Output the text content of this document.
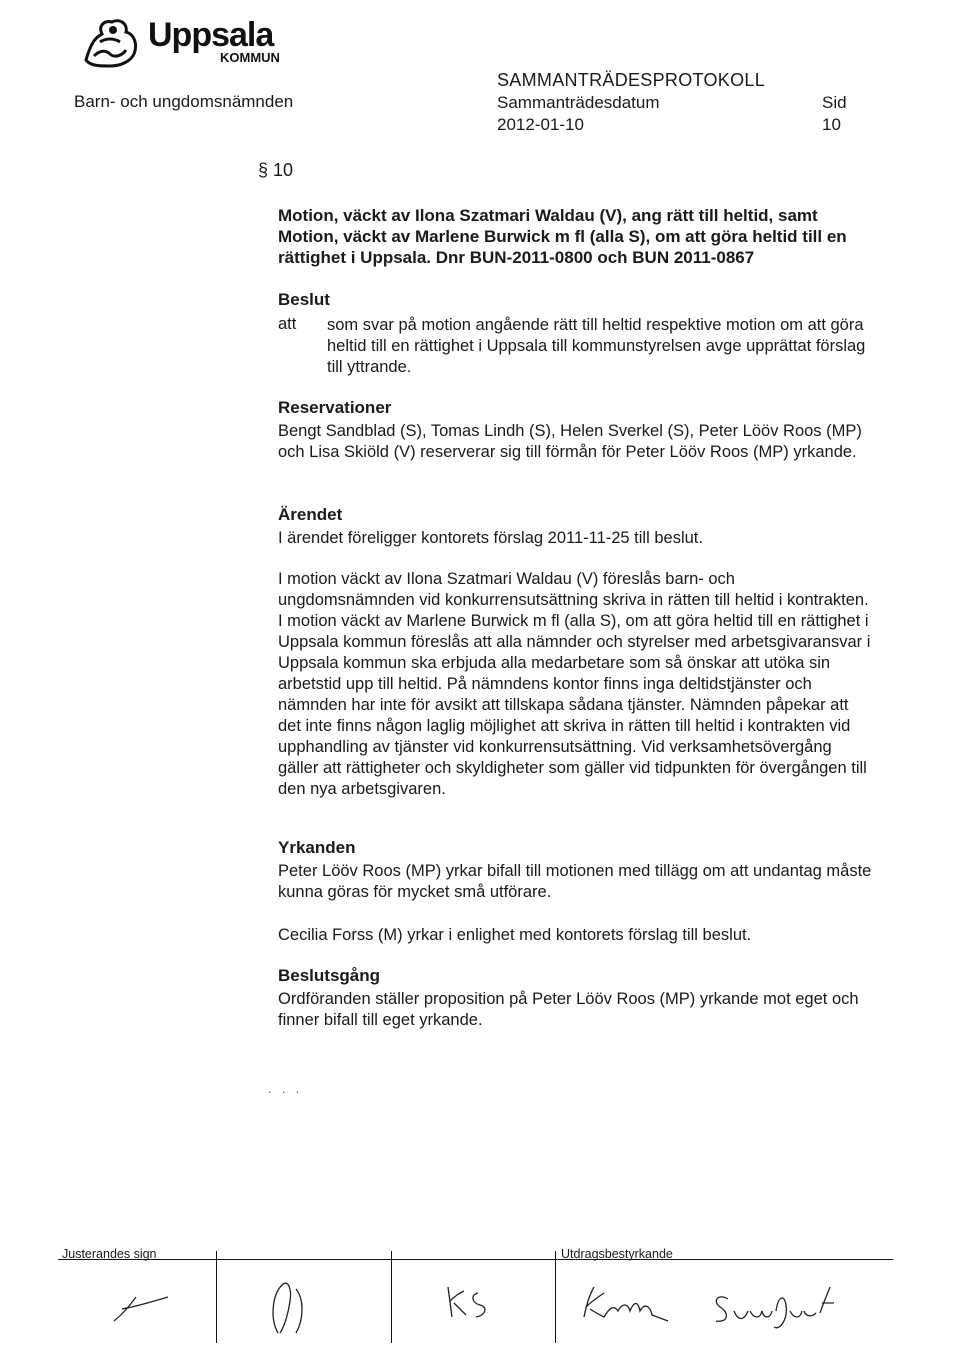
Uppsala
KOMMUN
Barn- och ungdomsnämnden
SAMMANTRÄDESPROTOKOLL
Sammanträdesdatum
2012-01-10
Sid
10
§ 10
Motion, väckt av Ilona Szatmari Waldau (V), ang rätt till heltid, samt Motion, väckt av Marlene Burwick m fl (alla S), om att göra heltid till en rättighet i Uppsala. Dnr BUN-2011-0800 och BUN 2011-0867
Beslut
att som svar på motion angående rätt till heltid respektive motion om att göra heltid till en rättighet i Uppsala till kommunstyrelsen avge upprättat förslag till yttrande.
Reservationer
Bengt Sandblad (S), Tomas Lindh (S), Helen Sverkel (S), Peter Lööv Roos (MP) och Lisa Skiöld (V) reserverar sig till förmån för Peter Lööv Roos (MP) yrkande.
Ärendet
I ärendet föreligger kontorets förslag 2011-11-25 till beslut.
I motion väckt av Ilona Szatmari Waldau (V) föreslås barn- och ungdomsnämnden vid konkurrensutsättning skriva in rätten till heltid i kontrakten. I motion väckt av Marlene Burwick m fl (alla S), om att göra heltid till en rättighet i Uppsala kommun föreslås att alla nämnder och styrelser med arbetsgivaransvar i Uppsala kommun ska erbjuda alla medarbetare som så önskar att utöka sin arbetstid upp till heltid. På nämndens kontor finns inga deltidstjänster och nämnden har inte för avsikt att tillskapa sådana tjänster. Nämnden påpekar att det inte finns någon laglig möjlighet att skriva in rätten till heltid i kontrakten vid upphandling av tjänster vid konkurrensutsättning. Vid verksamhetsövergång gäller att rättigheter och skyldigheter som gäller vid tidpunkten för övergången till den nya arbetsgivaren.
Yrkanden
Peter Lööv Roos (MP) yrkar bifall till motionen med tillägg om att undantag måste kunna göras för mycket små utförare.
Cecilia Forss (M) yrkar i enlighet med kontorets förslag till beslut.
Beslutsgång
Ordföranden ställer proposition på Peter Lööv Roos (MP) yrkande mot eget och finner bifall till eget yrkande.
. . .
Justerandes sign	Utdragsbestyrkande
